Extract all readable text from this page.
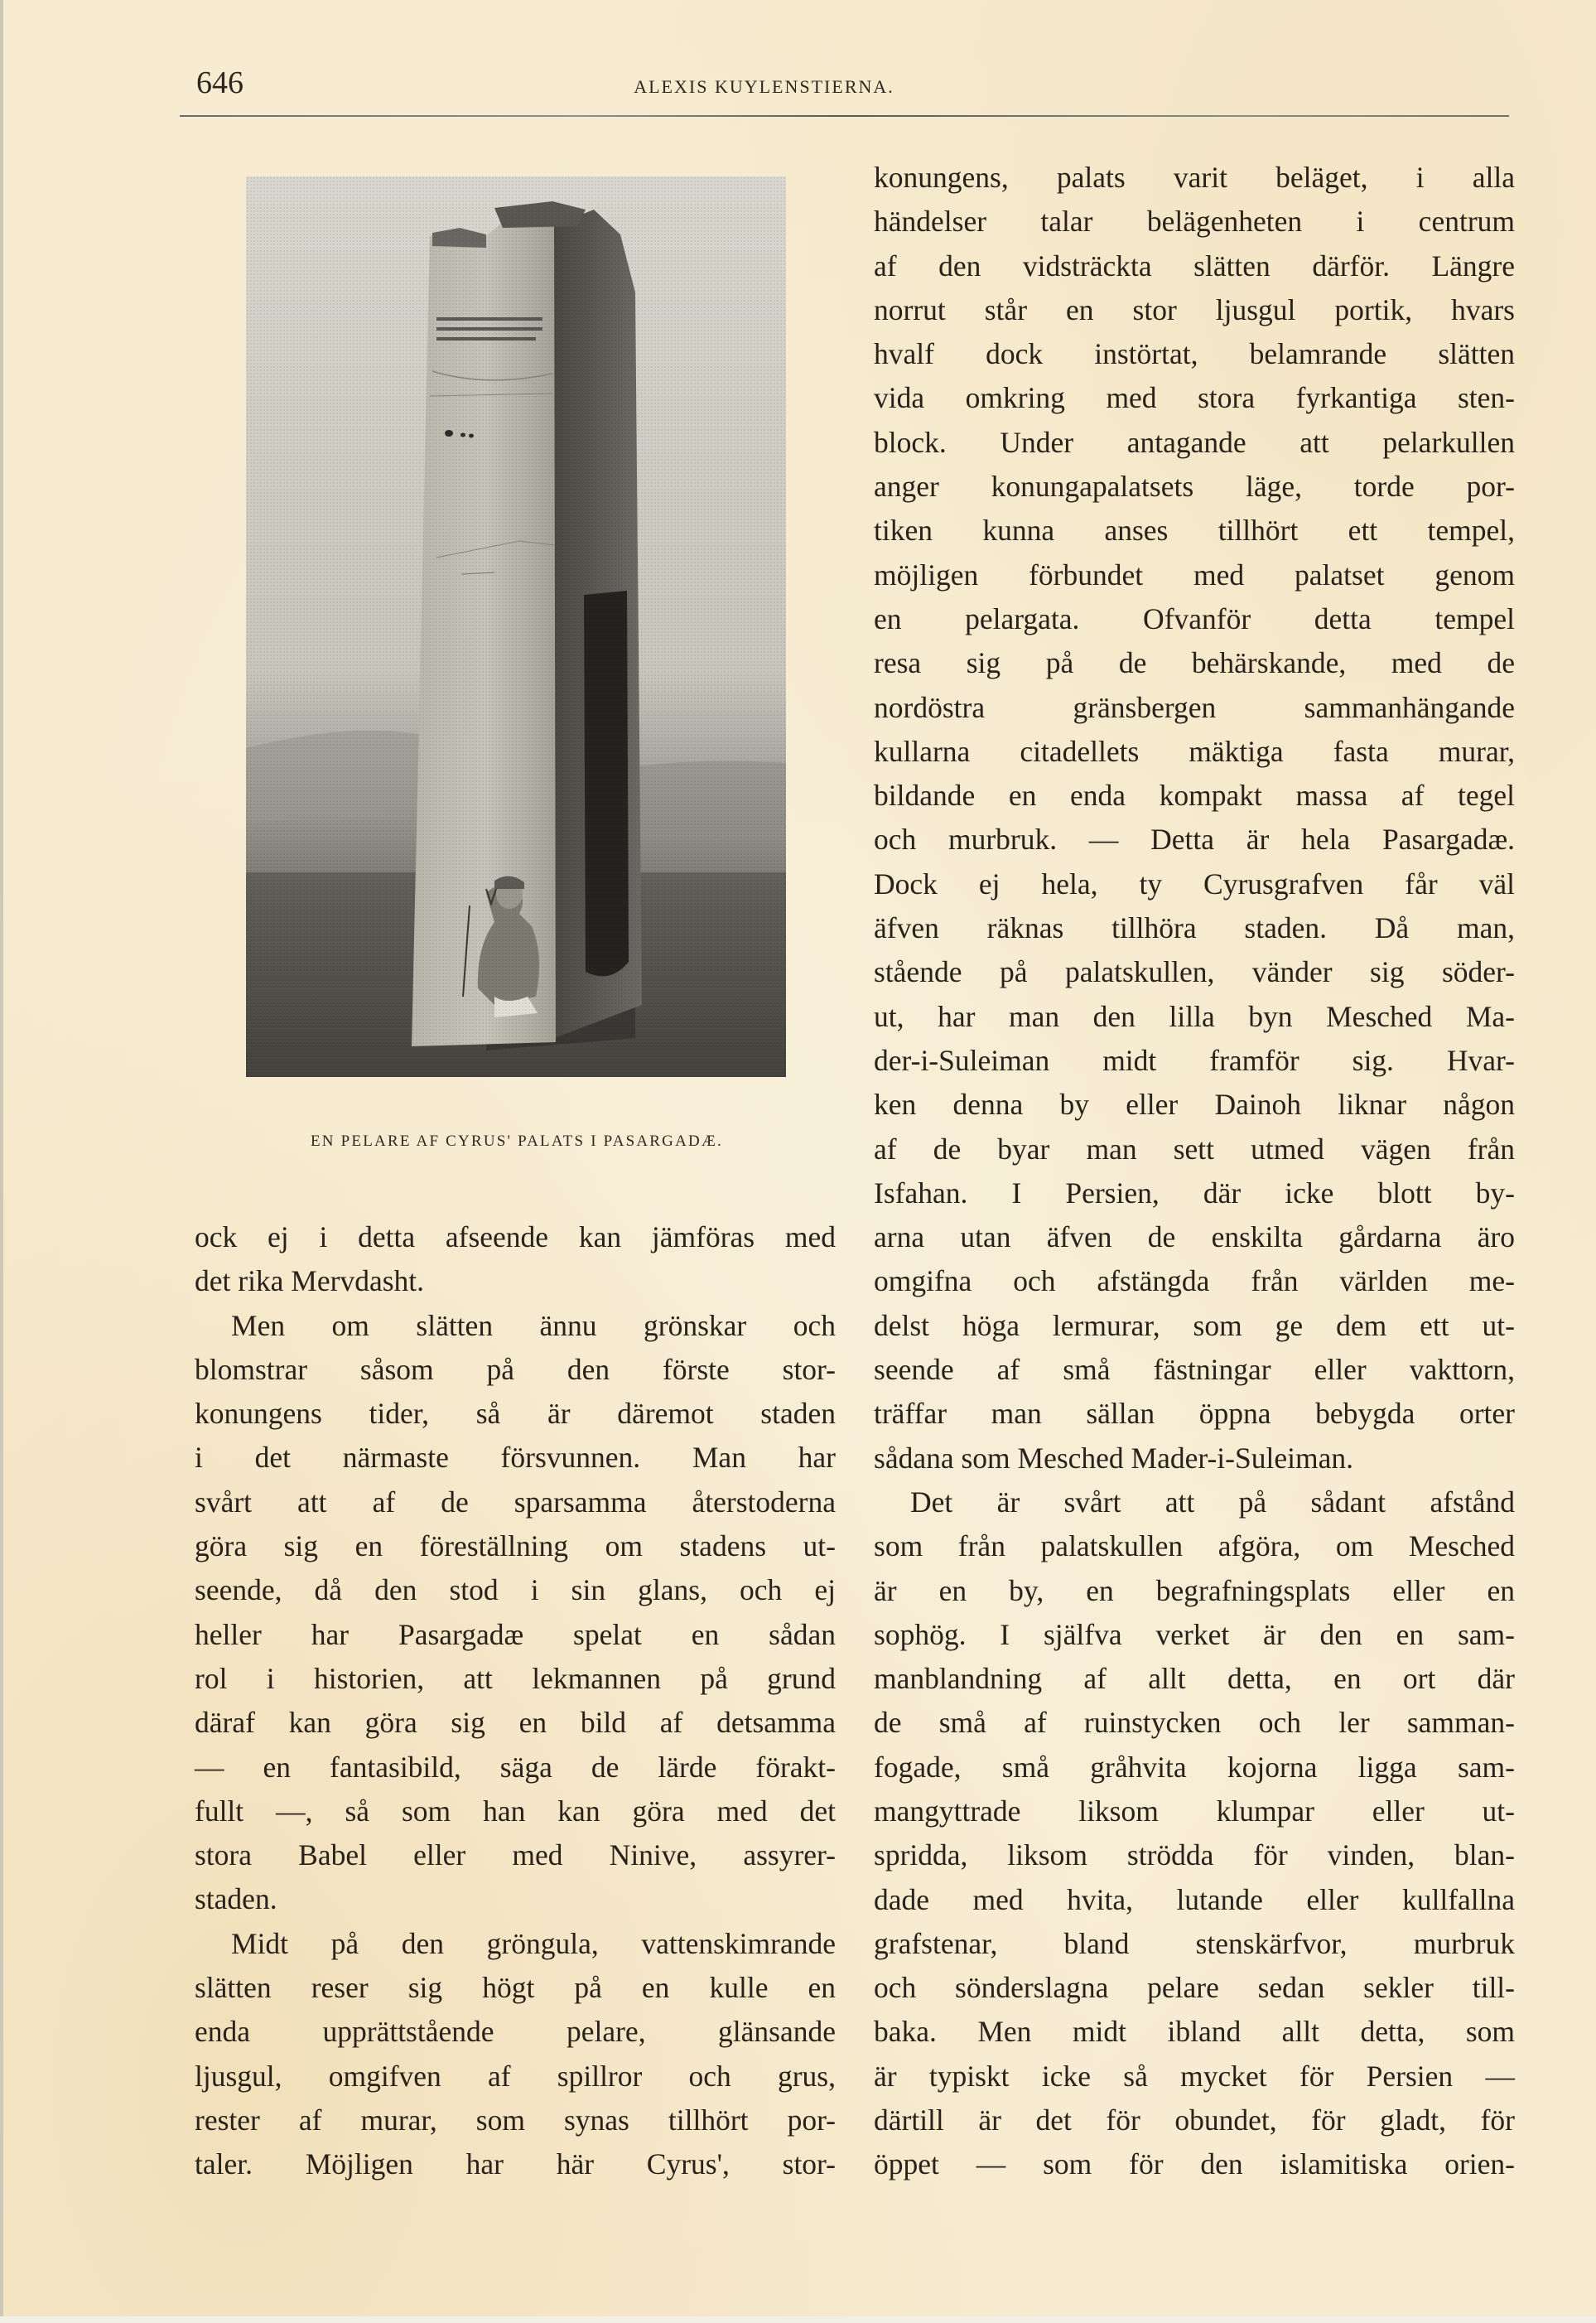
646	ALEXIS KUYLENSTIERNA.
EN PELARE AF CYRUS' PALATS I PASARGADÆ.
ock ej i detta afseende kan jämföras med
det rika Mervdasht.
Men om slätten ännu grönskar och
blomstrar såsom på den förste stor-
konungens tider, så är däremot staden
i det närmaste försvunnen. Man har
svårt att af de sparsamma återstoderna
göra sig en föreställning om stadens ut-
seende, då den stod i sin glans, och ej
heller har Pasargadæ spelat en sådan
rol i historien, att lekmannen på grund
däraf kan göra sig en bild af detsamma
— en fantasibild, säga de lärde förakt-
fullt —, så som han kan göra med det
stora Babel eller med Ninive, assyrer-
staden.
Midt på den gröngula, vattenskimrande
slätten reser sig högt på en kulle en
enda upprättstående pelare, glänsande
ljusgul, omgifven af spillror och grus,
rester af murar, som synas tillhört por-
taler. Möjligen har här Cyrus', stor-
konungens, palats varit beläget, i alla
händelser talar belägenheten i centrum
af den vidsträckta slätten därför. Längre
norrut står en stor ljusgul portik, hvars
hvalf dock instörtat, belamrande slätten
vida omkring med stora fyrkantiga sten-
block. Under antagande att pelarkullen
anger konungapalatsets läge, torde por-
tiken kunna anses tillhört ett tempel,
möjligen förbundet med palatset genom
en pelargata. Ofvanför detta tempel
resa sig på de behärskande, med de
nordöstra gränsbergen sammanhängande
kullarna citadellets mäktiga fasta murar,
bildande en enda kompakt massa af tegel
och murbruk. — Detta är hela Pasargadæ.
Dock ej hela, ty Cyrusgrafven får väl
äfven räknas tillhöra staden. Då man,
stående på palatskullen, vänder sig söder-
ut, har man den lilla byn Mesched Ma-
der-i-Suleiman midt framför sig. Hvar-
ken denna by eller Dainoh liknar någon
af de byar man sett utmed vägen från
Isfahan. I Persien, där icke blott by-
arna utan äfven de enskilta gårdarna äro
omgifna och afstängda från världen me-
delst höga lermurar, som ge dem ett ut-
seende af små fästningar eller vakttorn,
träffar man sällan öppna bebygda orter
sådana som Mesched Mader-i-Suleiman.
Det är svårt att på sådant afstånd
som från palatskullen afgöra, om Mesched
är en by, en begrafningsplats eller en
sophög. I själfva verket är den en sam-
manblandning af allt detta, en ort där
de små af ruinstycken och ler samman-
fogade, små gråhvita kojorna ligga sam-
mangyttrade liksom klumpar eller ut-
spridda, liksom strödda för vinden, blan-
dade med hvita, lutande eller kullfallna
grafstenar, bland stenskärfvor, murbruk
och sönderslagna pelare sedan sekler till-
baka. Men midt ibland allt detta, som
är typiskt icke så mycket för Persien —
därtill är det för obundet, för gladt, för
öppet — som för den islamitiska orien-
